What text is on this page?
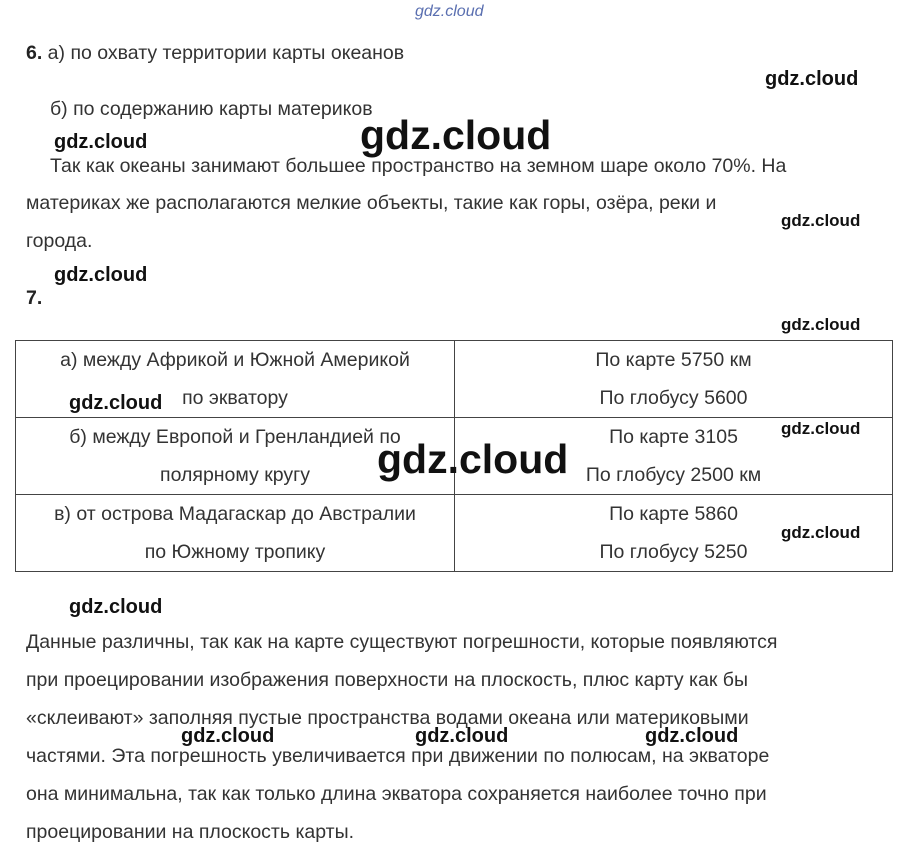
gdz.cloud
6. а) по охвату территории карты океанов
gdz.cloud
б) по содержанию карты материков
gdz.cloud	gdz.cloud
Так как океаны занимают большее пространство на земном шаре около 70%. На
материках же располагаются мелкие объекты, такие как горы, озёра, реки и
gdz.cloud
города.
gdz.cloud
7.
gdz.cloud
а) между Африкой и Южной Америкой
по экватору	По карте 5750 км
По глобусу 5600

б) между Европой и Гренландией по
полярному кругу	По карте 3105
По глобусу 2500 км

в) от острова Мадагаскар до Австралии
по Южному тропику	По карте 5860
По глобусу 5250
gdz.cloud
gdz.cloud
gdz.cloud
gdz.cloud
gdz.cloud
Данные различны, так как на карте существуют погрешности, которые появляются
при проецировании изображения поверхности на плоскость, плюс карту как бы
«склеивают» заполняя пустые пространства водами океана или материковыми
частями. Эта погрешность увеличивается при движении по полюсам, на экваторе
она минимальна, так как только длина экватора сохраняется наиболее точно при
проецировании на плоскость карты.
gdz.cloud	gdz.cloud	gdz.cloud
